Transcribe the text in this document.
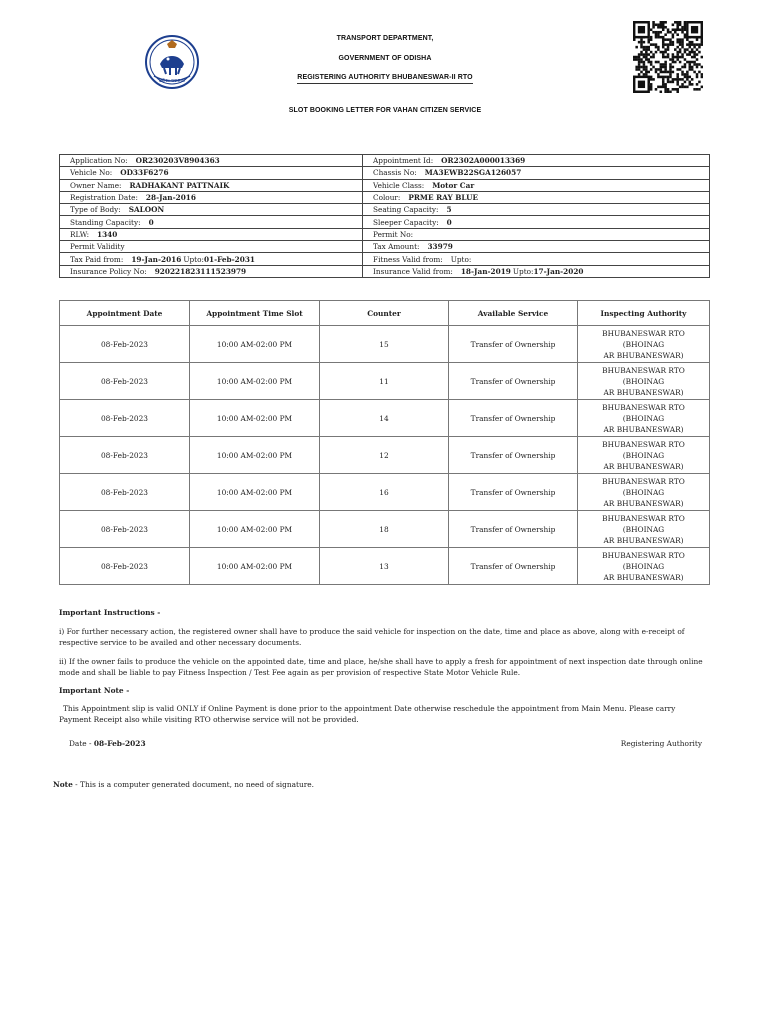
ଓଡ଼ିଶା ସରକାର
TRANSPORT DEPARTMENT,
GOVERNMENT OF ODISHA
REGISTERING AUTHORITY BHUBANESWAR-II RTO
SLOT BOOKING LETTER FOR VAHAN CITIZEN SERVICE
Application No: OR230203V8904363	Appointment Id: OR2302A000013369
Vehicle No: OD33F6276	Chassis No: MA3EWB22SGA126057
Owner Name: RADHAKANT PATTNAIK	Vehicle Class: Motor Car
Registration Date: 28-Jan-2016	Colour: PRME RAY BLUE
Type of Body: SALOON	Seating Capacity: 5
Standing Capacity: 0	Sleeper Capacity: 0
RLW: 1340	Permit No:
Permit Validity	Tax Amount: 33979
Tax Paid from: 19-Jan-2016 Upto:01-Feb-2031	Fitness Valid from: Upto:
Insurance Policy No: 920221823111523979	Insurance Valid from: 18-Jan-2019 Upto:17-Jan-2020
Appointment Date	Appointment Time Slot	Counter	Available Service	Inspecting Authority
08-Feb-2023	10:00 AM-02:00 PM	15	Transfer of Ownership	BHUBANESWAR RTO (BHOINAG
AR BHUBANESWAR)

08-Feb-2023	10:00 AM-02:00 PM	11	Transfer of Ownership	BHUBANESWAR RTO (BHOINAG
AR BHUBANESWAR)

08-Feb-2023	10:00 AM-02:00 PM	14	Transfer of Ownership	BHUBANESWAR RTO (BHOINAG
AR BHUBANESWAR)

08-Feb-2023	10:00 AM-02:00 PM	12	Transfer of Ownership	BHUBANESWAR RTO (BHOINAG
AR BHUBANESWAR)

08-Feb-2023	10:00 AM-02:00 PM	16	Transfer of Ownership	BHUBANESWAR RTO (BHOINAG
AR BHUBANESWAR)

08-Feb-2023	10:00 AM-02:00 PM	18	Transfer of Ownership	BHUBANESWAR RTO (BHOINAG
AR BHUBANESWAR)

08-Feb-2023	10:00 AM-02:00 PM	13	Transfer of Ownership	BHUBANESWAR RTO (BHOINAG
AR BHUBANESWAR)
Important Instructions -
i) For further necessary action, the registered owner shall have to produce the said vehicle for inspection on the date, time and place as above, along with e-receipt of respective service to be availed and other necessary documents.
ii) If the owner fails to produce the vehicle on the appointed date, time and place, he/she shall have to apply a fresh for appointment of next inspection date through online mode and shall be liable to pay Fitness Inspection / Test Fee again as per provision of respective State Motor Vehicle Rule.
Important Note -
This Appointment slip is valid ONLY if Online Payment is done prior to the appointment Date otherwise reschedule the appointment from Main Menu. Please carry Payment Receipt also while visiting RTO otherwise service will not be provided.
Date - 08-Feb-2023	Registering Authority
Note - This is a computer generated document, no need of signature.
